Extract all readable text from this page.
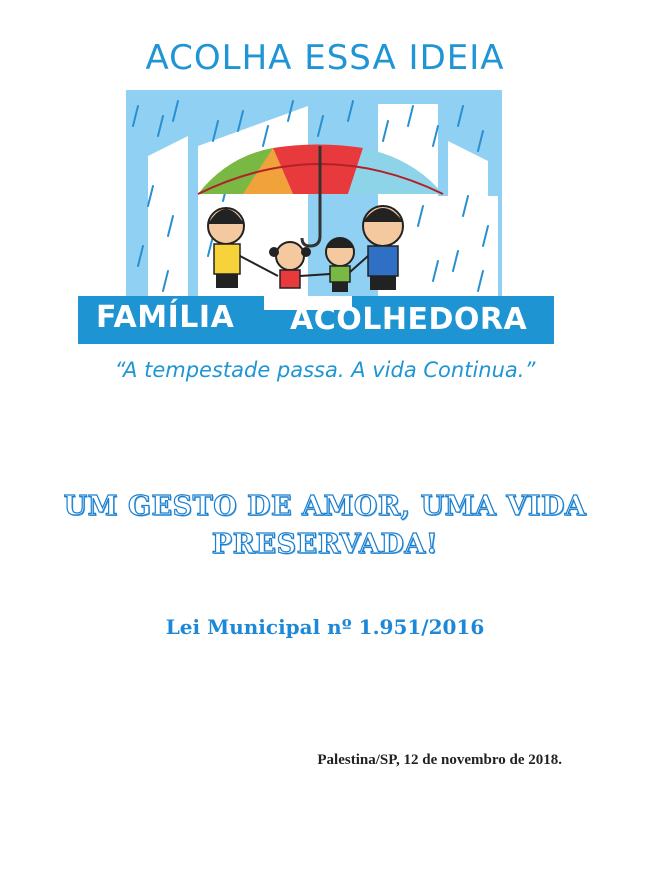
ACOLHA ESSA IDEIA
FAMÍLIA ACOLHEDORA
“A tempestade passa. A vida Continua.”
UM GESTO DE AMOR, UMA VIDA
PRESERVADA!
Lei Municipal nº 1.951/2016
Palestina/SP, 12 de novembro de 2018.
